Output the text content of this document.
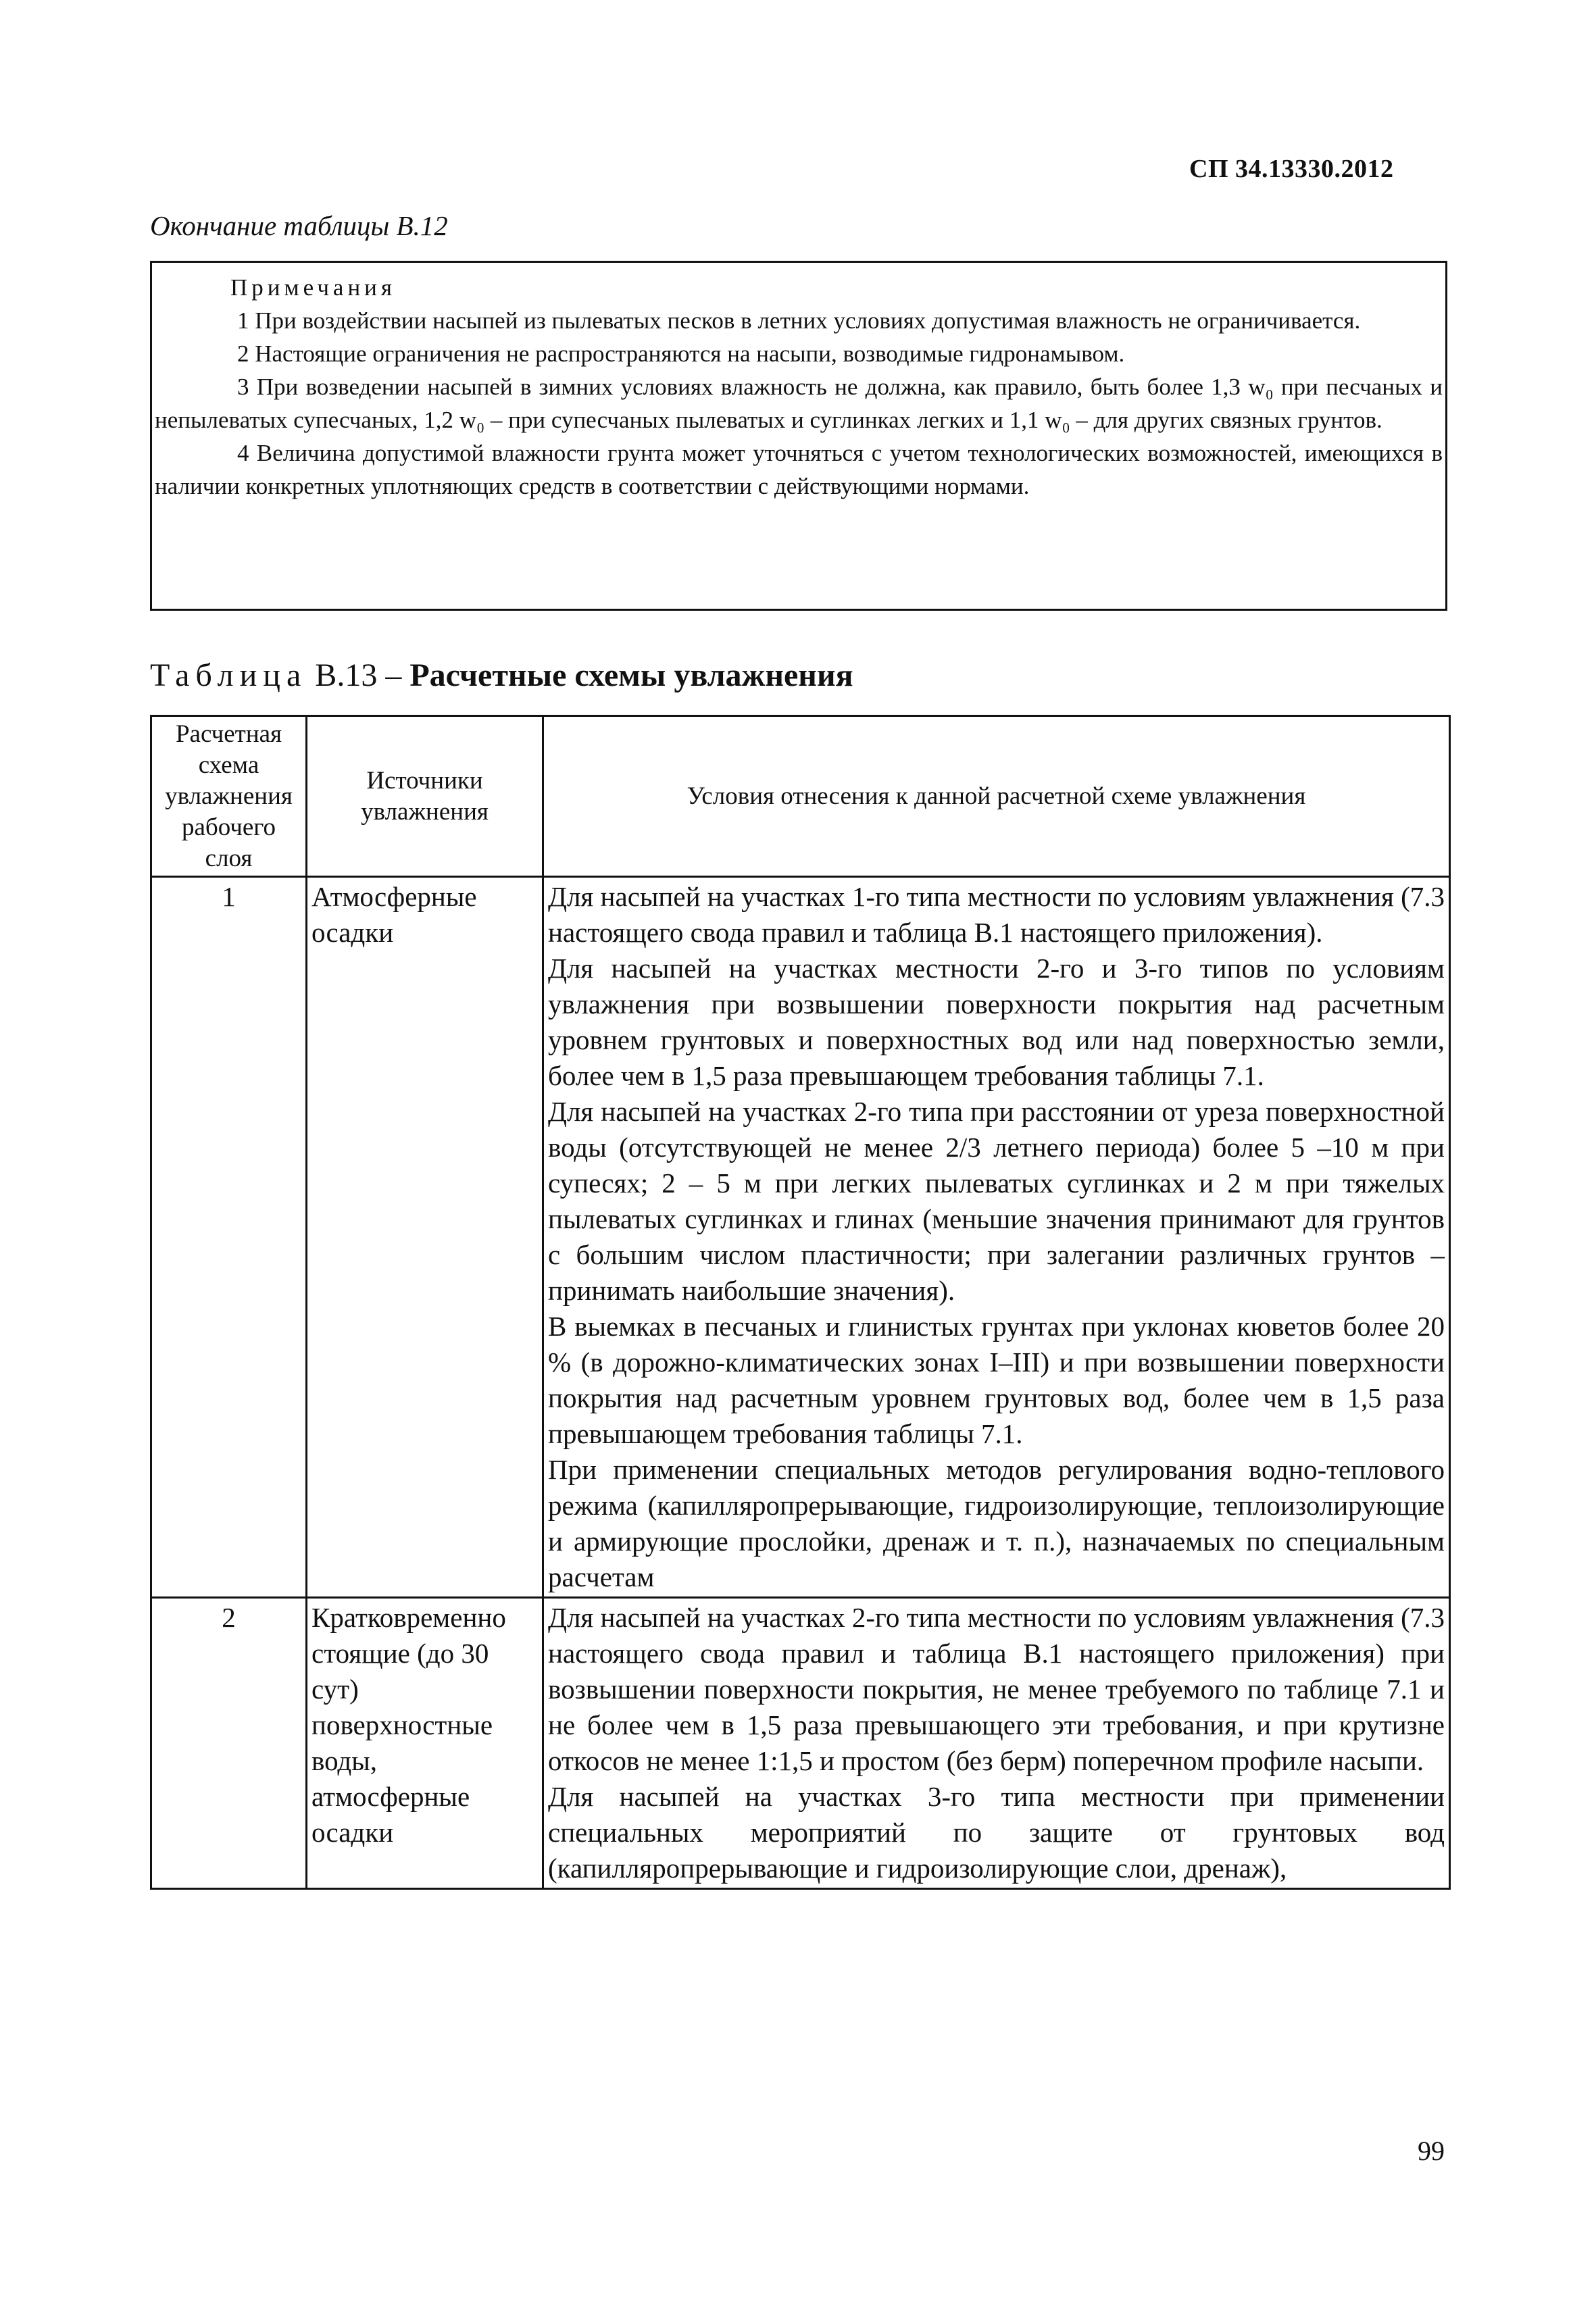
СП 34.13330.2012
Окончание таблицы В.12
Примечания

1 При воздействии насыпей из пылеватых песков в летних условиях допустимая влажность не ограничивается.

2 Настоящие ограничения не распространяются на насыпи, возводимые гидронамывом.

3 При возведении насыпей в зимних условиях влажность не должна, как правило, быть более 1,3 w₀ при песчаных и непылеватых супесчаных, 1,2 w₀ – при супесчаных пылеватых и суглинках легких и 1,1 w₀ – для других связных грунтов.

4 Величина допустимой влажности грунта может уточняться с учетом технологических возможностей, имеющихся в наличии конкретных уплотняющих средств в соответствии с действующими нормами.

Таблица В.13 – Расчетные схемы увлажнения
Расчетная схема увлажнения рабочего слоя	Источники увлажнения	Условия отнесения к данной расчетной схеме увлажнения
1	Атмосферные осадки	Для насыпей на участках 1-го типа местности по условиям увлажнения (7.3 настоящего свода правил и таблица В.1 настоящего приложения).

Для насыпей на участках местности 2-го и 3-го типов по условиям увлажнения при возвышении поверхности покрытия над расчетным уровнем грунтовых и поверхностных вод или над поверхностью земли, более чем в 1,5 раза превышающем требования таблицы 7.1.

Для насыпей на участках 2-го типа при расстоянии от уреза поверхностной воды (отсутствующей не менее 2/3 летнего периода) более 5 –10 м при супесях; 2 – 5 м при легких пылеватых суглинках и 2 м при тяжелых пылеватых суглинках и глинах (меньшие значения принимают для грунтов с большим числом пластичности; при залегании различных грунтов – принимать наибольшие значения).

В выемках в песчаных и глинистых грунтах при уклонах кюветов более 20 % (в дорожно-климатических зонах I–III) и при возвышении поверхности покрытия над расчетным уровнем грунтовых вод, более чем в 1,5 раза превышающем требования таблицы 7.1.

При применении специальных методов регулирования водно-теплового режима (капилляропрерывающие, гидроизолирующие, теплоизолирующие и армирующие прослойки, дренаж и т. п.), назначаемых по специальным расчетам

2	Кратковременно стоящие (до 30 сут) поверхностные воды, атмосферные осадки	Для насыпей на участках 2-го типа местности по условиям увлажнения (7.3 настоящего свода правил и таблица В.1 настоящего приложения) при возвышении поверхности покрытия, не менее требуемого по таблице 7.1 и не более чем в 1,5 раза превышающего эти требования, и при крутизне откосов не менее 1:1,5 и простом (без берм) поперечном профиле насыпи.

Для насыпей на участках 3-го типа местности при применении специальных мероприятий по защите от грунтовых вод (капилляропрерывающие и гидроизолирующие слои, дренаж),

99
